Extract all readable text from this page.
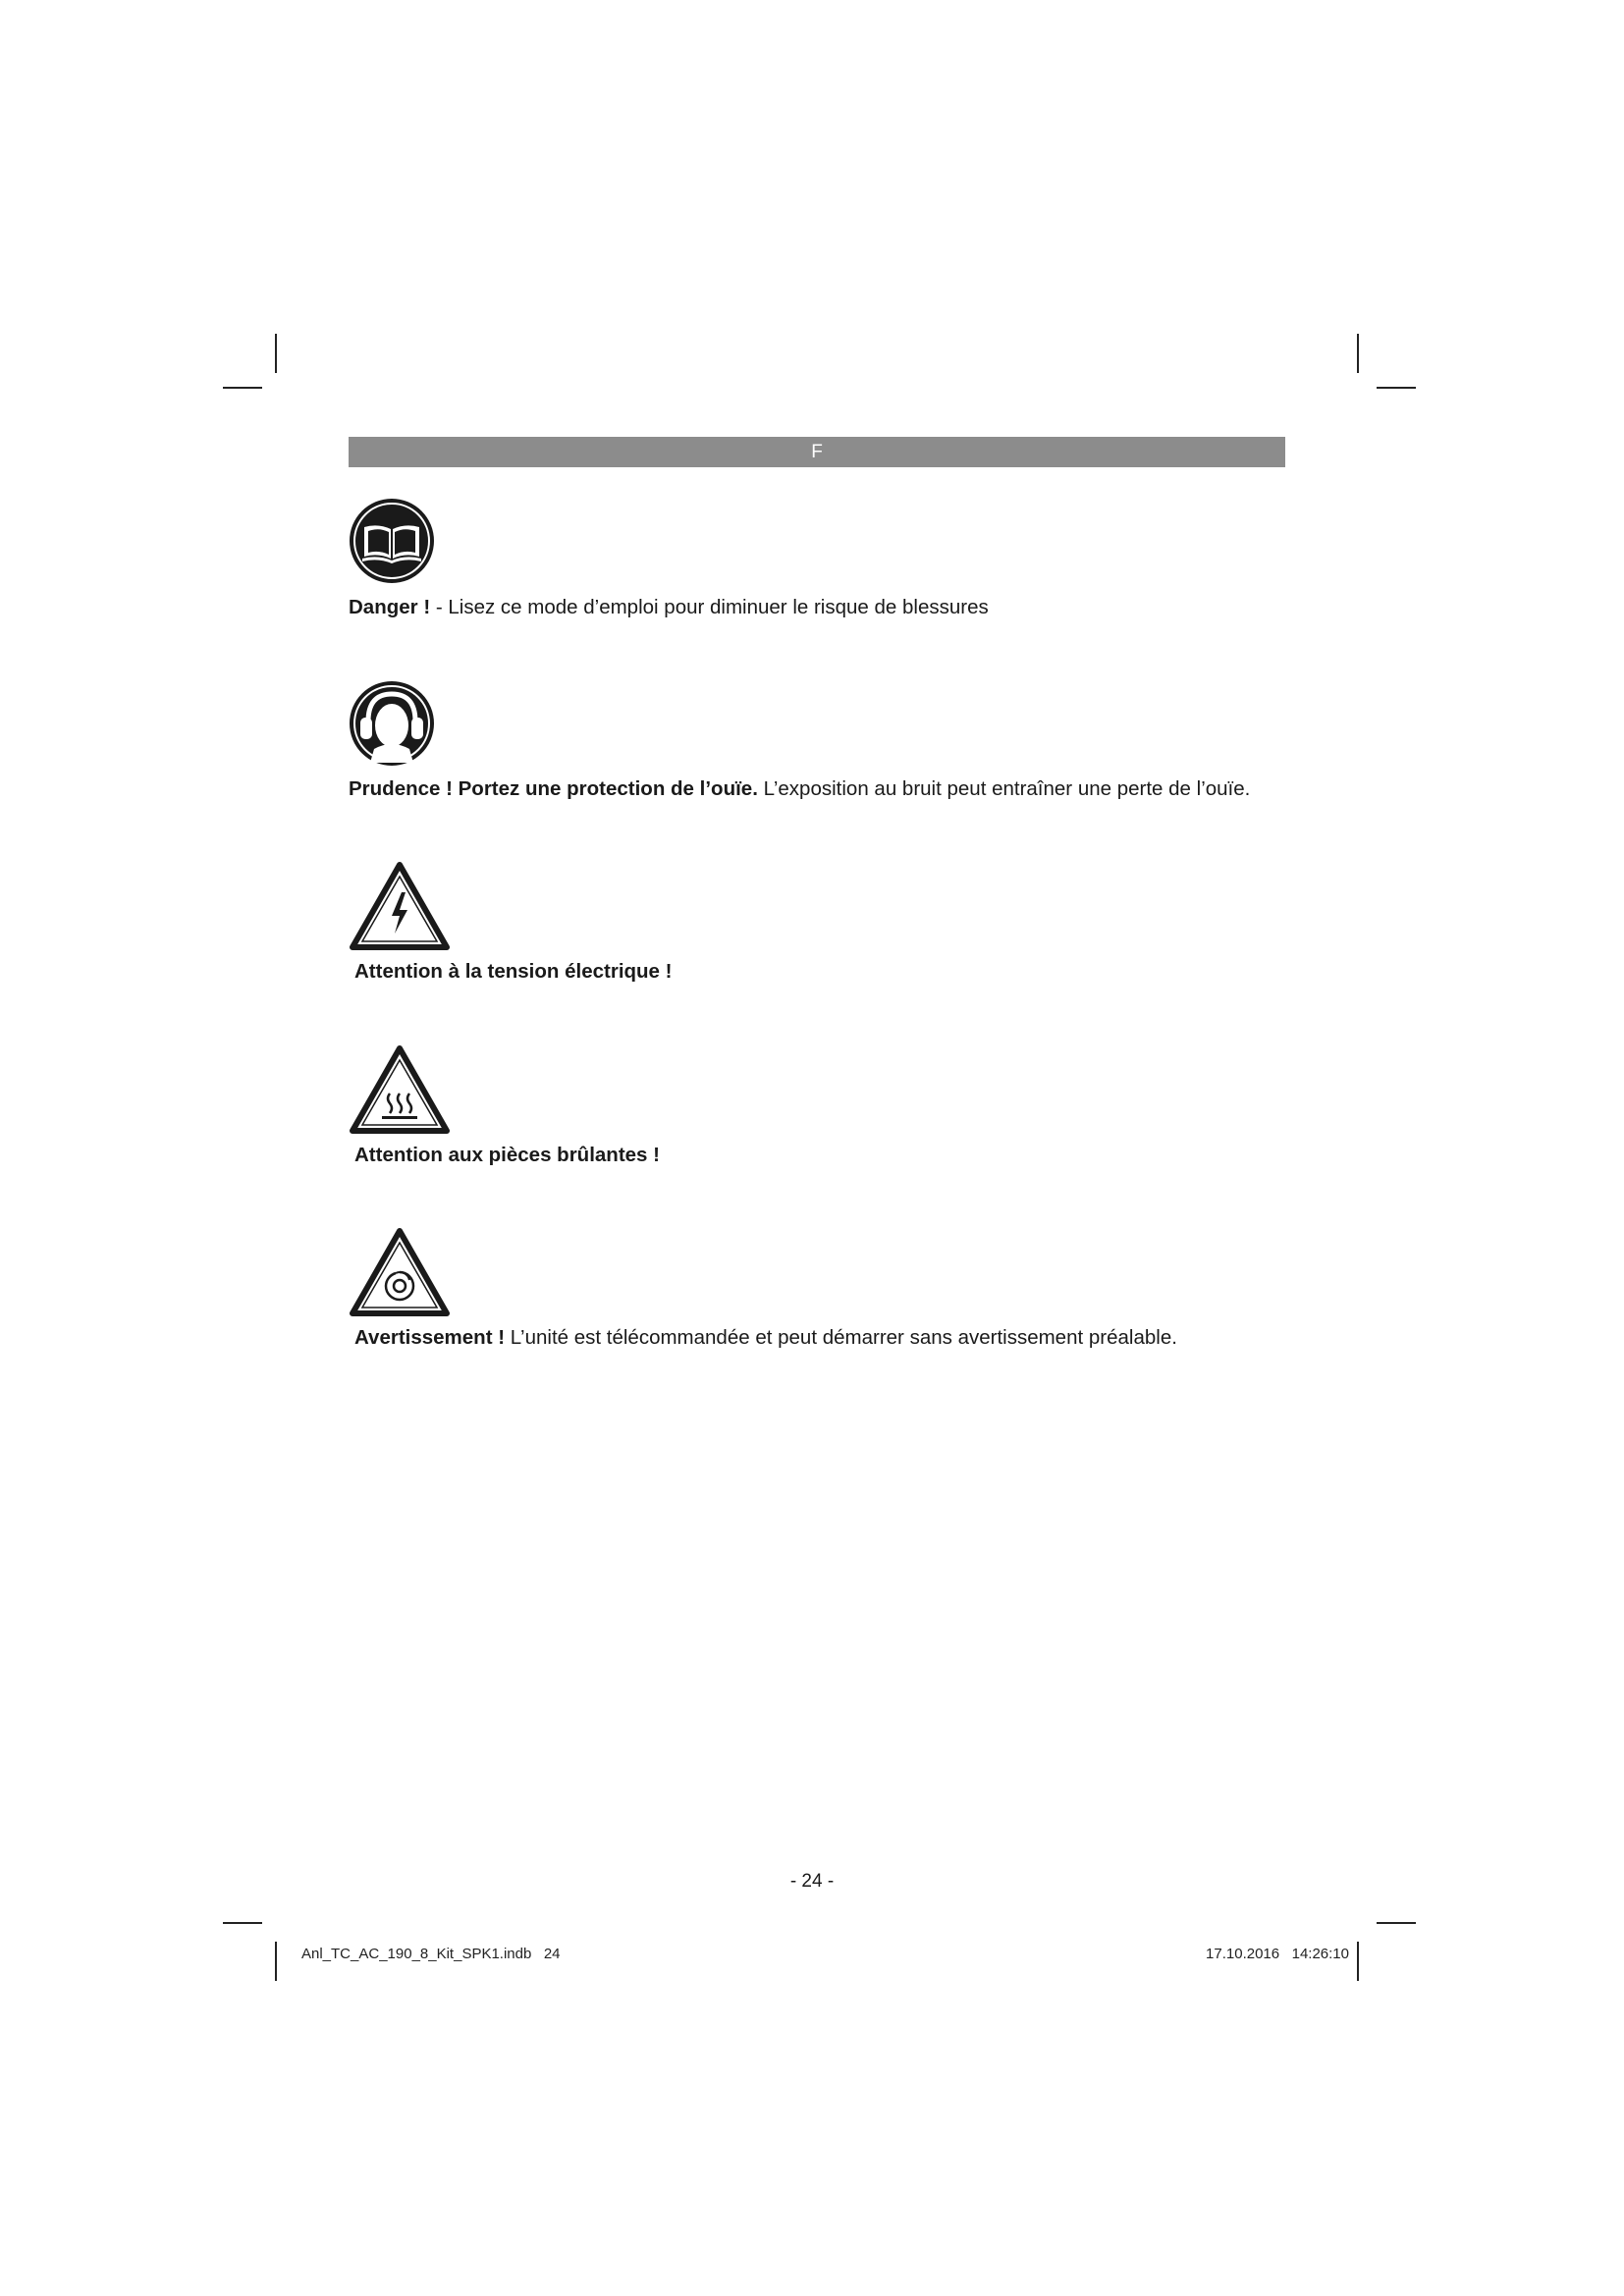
F
Danger ! - Lisez ce mode d’emploi pour diminuer le risque de blessures
Prudence ! Portez une protection de l’ouïe. L’exposition au bruit peut entraîner une perte de l’ouïe.
Attention à la tension électrique !
Attention aux pièces brûlantes !
Avertissement ! L’unité est télécommandée et peut démarrer sans avertissement préalable.
- 24 -
Anl_TC_AC_190_8_Kit_SPK1.indb   24	17.10.2016   14:26:10
